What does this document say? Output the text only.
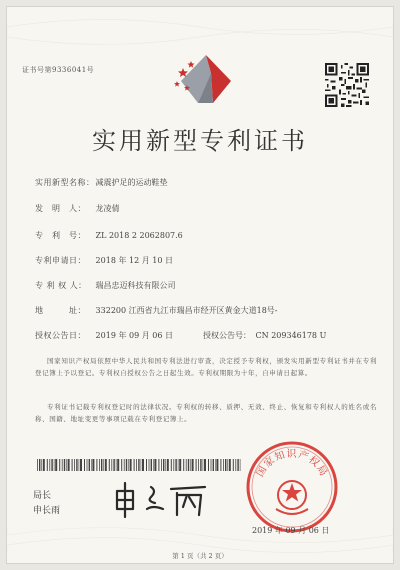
证书号第9336041号
实用新型专利证书
实用新型名称： 减震护足的运动鞋垫
发　明　人： 龙凌倩
专　利　号： ZL 2018 2 2062807.6
专利申请日： 2018 年 12 月 10 日
专 利 权 人： 瑞昌忠迈科技有限公司
地　　　址： 332200 江西省九江市瑞昌市经开区黄金大道18号-
授权公告日： 2019 年 09 月 06 日	授权公告号： CN 209346178 U
国家知识产权局依照中华人民共和国专利法进行审查，决定授予专利权，颁发实用新型专利证书并在专利登记簿上予以登记。专利权自授权公告之日起生效。专利权期限为十年，自申请日起算。
专利证书记载专利权登记时的法律状况。专利权的转移、质押、无效、终止、恢复和专利权人的姓名或名称、国籍、地址变更等事项记载在专利登记簿上。
局长
申长雨
国家知识产权局
2019 年 09 月 06 日
第 1 页（共 2 页）
